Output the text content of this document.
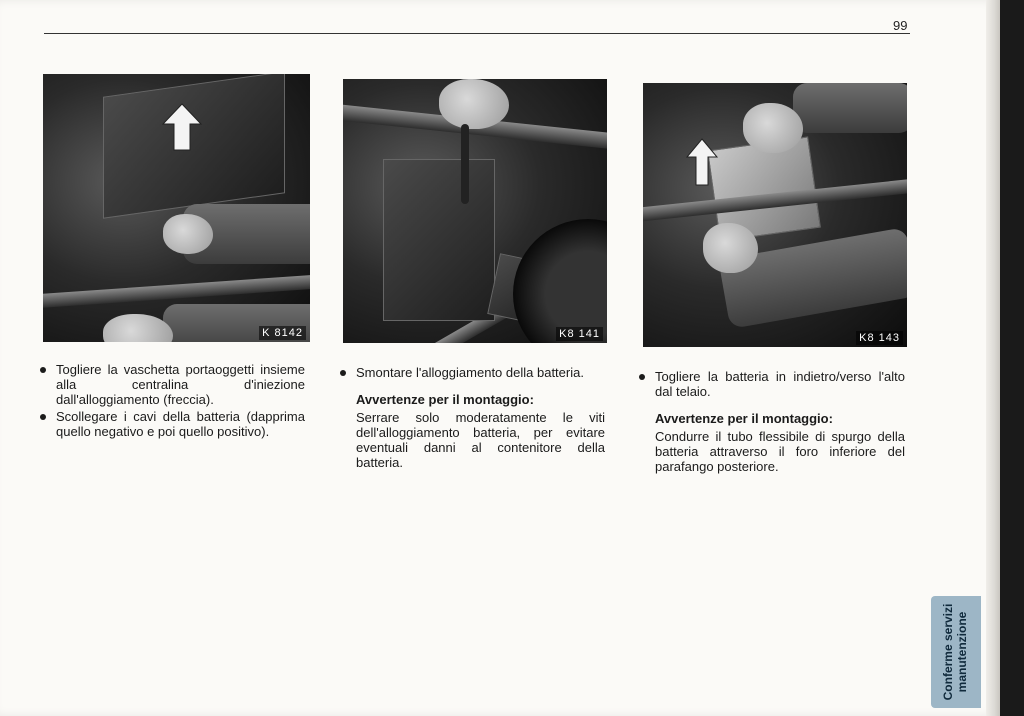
99
K 8142	K8 141	K8 143

Togliere la vaschetta portaoggetti insieme alla centralina d'iniezione dall'alloggiamento (freccia).

Scollegare i cavi della batteria (dapprima quello negativo e poi quello positivo).

Smontare l'alloggiamento della batteria.

Avvertenze per il montaggio:

Serrare solo moderatamente le viti dell'alloggiamento batteria, per evitare eventuali danni al contenitore della batteria.

Togliere la batteria in indietro/verso l'alto dal telaio.

Avvertenze per il montaggio:

Condurre il tubo flessibile di spurgo della batteria attraverso il foro inferiore del parafango posteriore.

Conferme servizi manutenzione
